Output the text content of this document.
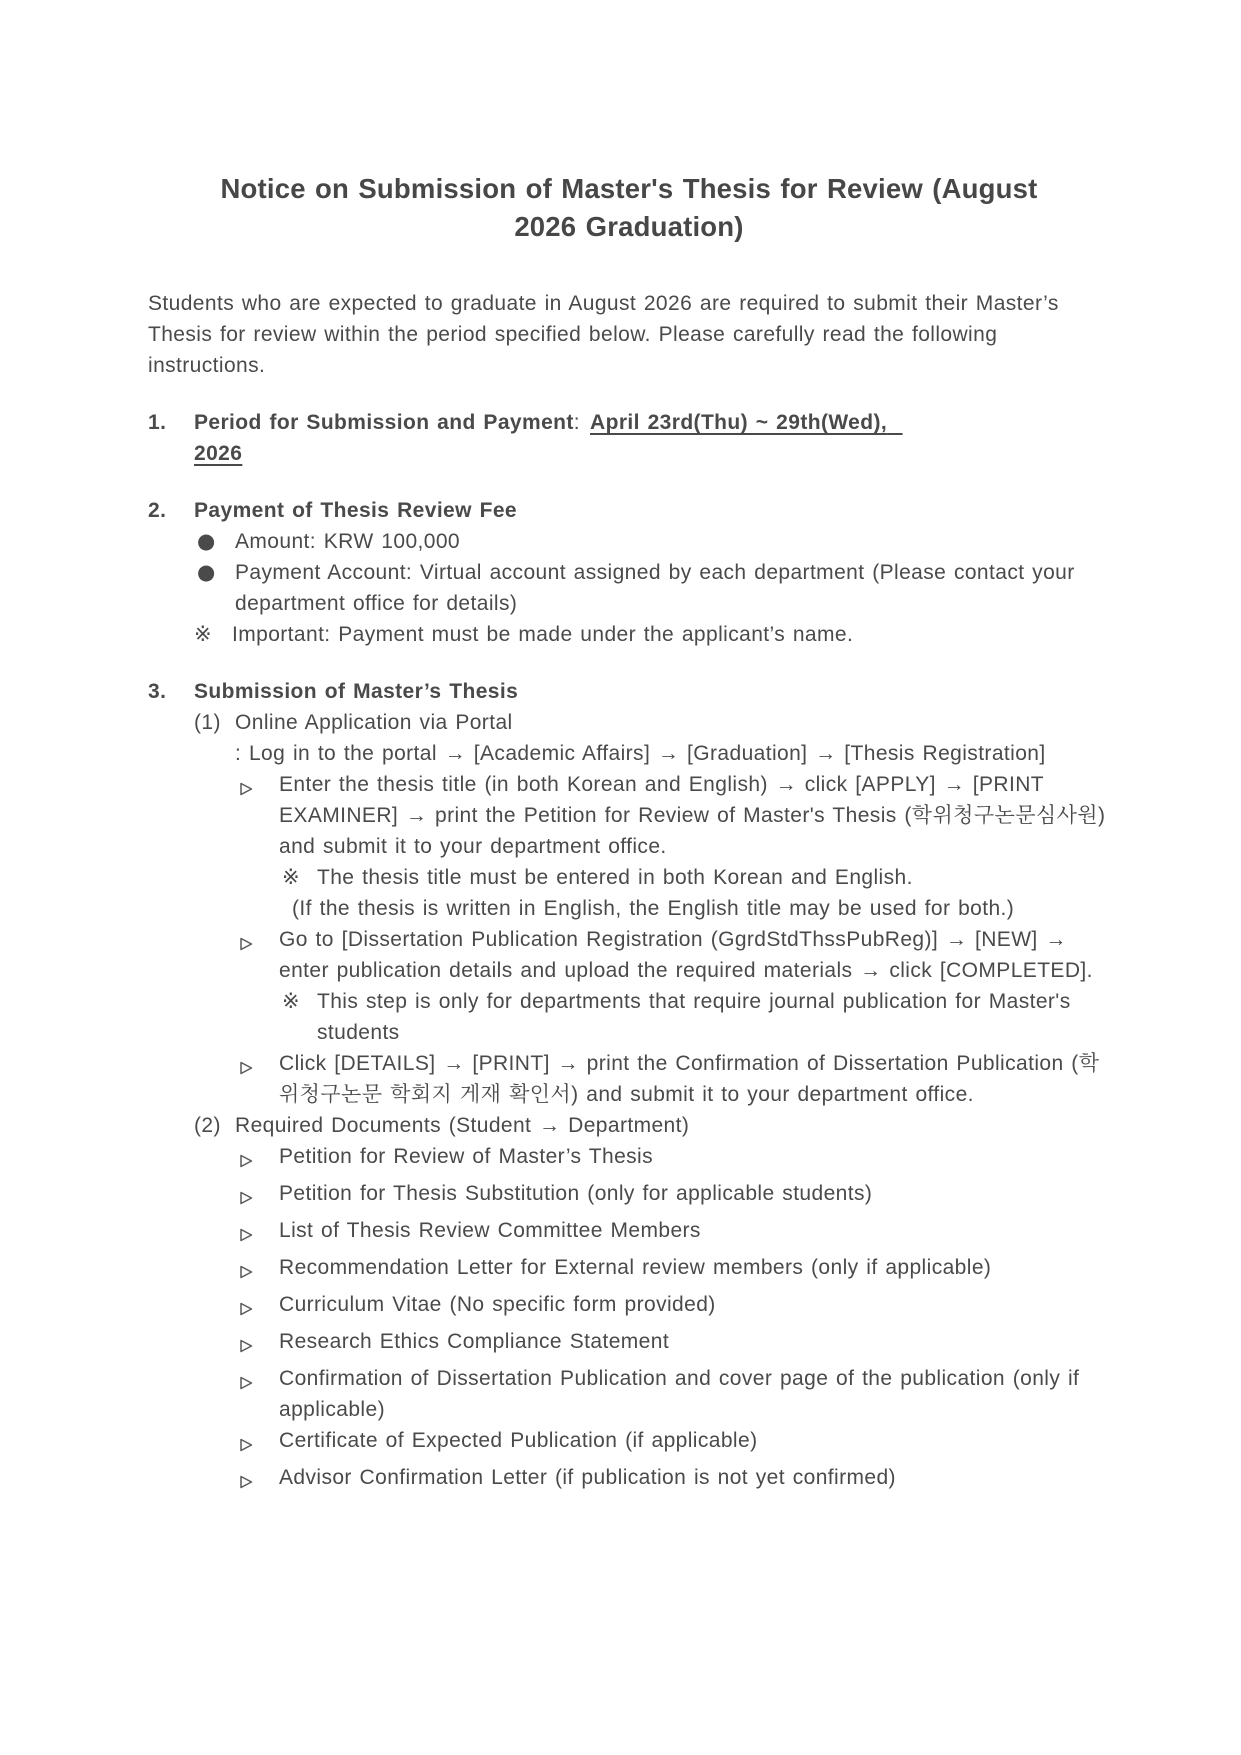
Notice on Submission of Master's Thesis for Review (August
2026 Graduation)

Students who are expected to graduate in August 2026 are required to submit their Master’s Thesis for review within the period specified below. Please carefully read the following instructions.

1.	Period for Submission and Payment: April 23rd(Thu) ~ 29th(Wed),
2026
2.	Payment of Thesis Review Fee
● Amount: KRW 100,000
● Payment Account: Virtual account assigned by each department (Please contact your department office for details)
※ Important: Payment must be made under the applicant’s name.
3.	Submission of Master’s Thesis
(1) Online Application via Portal
: Log in to the portal → [Academic Affairs] → [Graduation] → [Thesis Registration]
Enter the thesis title (in both Korean and English) → click [APPLY] → [PRINT EXAMINER] → print the Petition for Review of Master's Thesis (학위청구논문심사원) and submit it to your department office.
※ The thesis title must be entered in both Korean and English.
(If the thesis is written in English, the English title may be used for both.)
Go to [Dissertation Publication Registration (GgrdStdThssPubReg)] → [NEW] → enter publication details and upload the required materials → click [COMPLETED].
※ This step is only for departments that require journal publication for Master's students
Click [DETAILS] → [PRINT] → print the Confirmation of Dissertation Publication (학위청구논문 학회지 게재 확인서) and submit it to your department office.
(2) Required Documents (Student → Department)
Petition for Review of Master’s Thesis
Petition for Thesis Substitution (only for applicable students)
List of Thesis Review Committee Members
Recommendation Letter for External review members (only if applicable)
Curriculum Vitae (No specific form provided)
Research Ethics Compliance Statement
Confirmation of Dissertation Publication and cover page of the publication (only if applicable)
Certificate of Expected Publication (if applicable)
Advisor Confirmation Letter (if publication is not yet confirmed)
